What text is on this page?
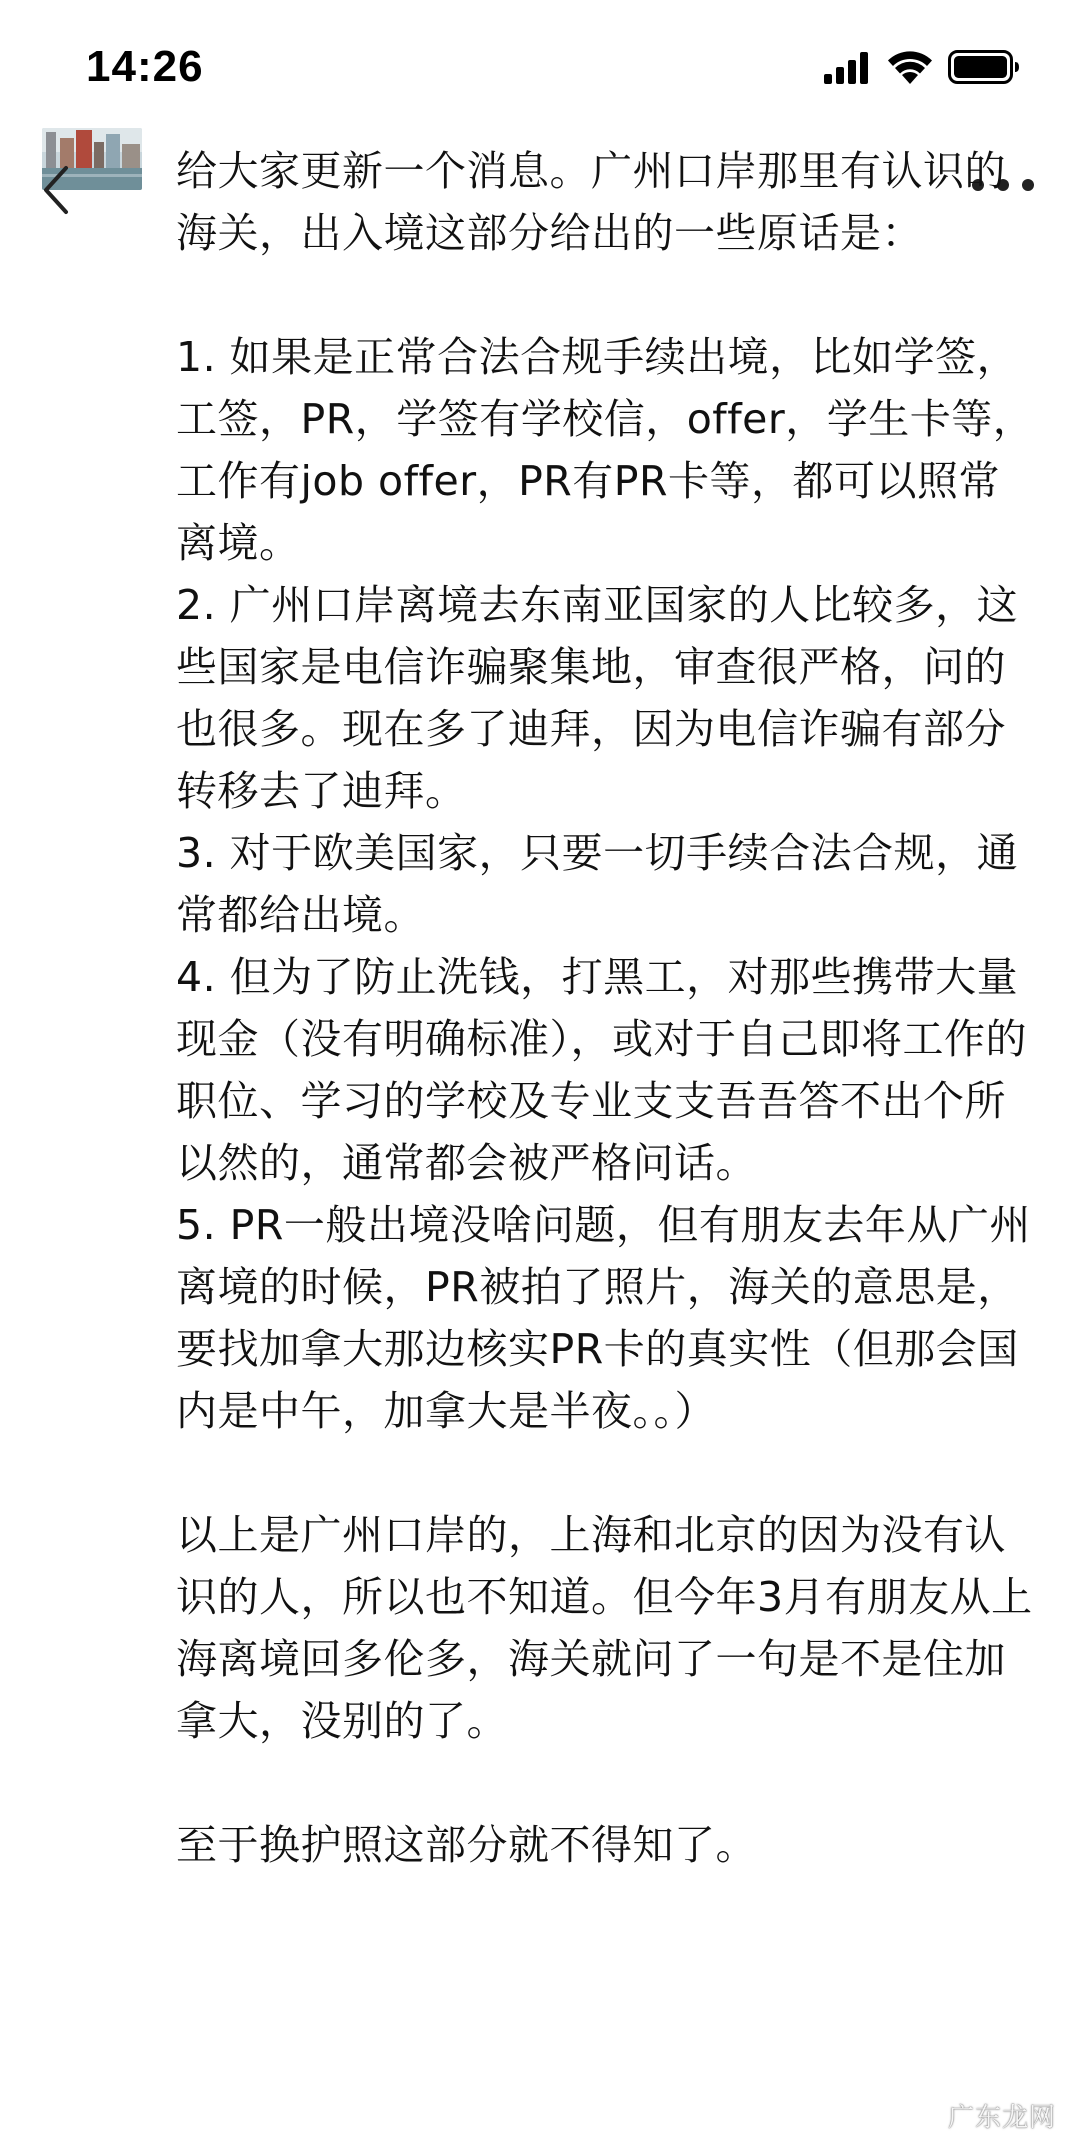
14:26

给大家更新一个消息。广州口岸那里有认识的海关，出入境这部分给出的一些原话是：

1. 如果是正常合法合规手续出境，比如学签，工签，PR，学签有学校信，offer，学生卡等，工作有job offer，PR有PR卡等，都可以照常离境。

2. 广州口岸离境去东南亚国家的人比较多，这些国家是电信诈骗聚集地，审查很严格，问的也很多。现在多了迪拜，因为电信诈骗有部分转移去了迪拜。

3. 对于欧美国家，只要一切手续合法合规，通常都给出境。

4. 但为了防止洗钱，打黑工，对那些携带大量现金（没有明确标准），或对于自己即将工作的职位、学习的学校及专业支支吾吾答不出个所以然的，通常都会被严格问话。

5. PR一般出境没啥问题，但有朋友去年从广州离境的时候，PR被拍了照片，海关的意思是，要找加拿大那边核实PR卡的真实性（但那会国内是中午，加拿大是半夜。。）

以上是广州口岸的，上海和北京的因为没有认识的人，所以也不知道。但今年3月有朋友从上海离境回多伦多，海关就问了一句是不是住加拿大，没别的了。

至于换护照这部分就不得知了。

广东龙网
